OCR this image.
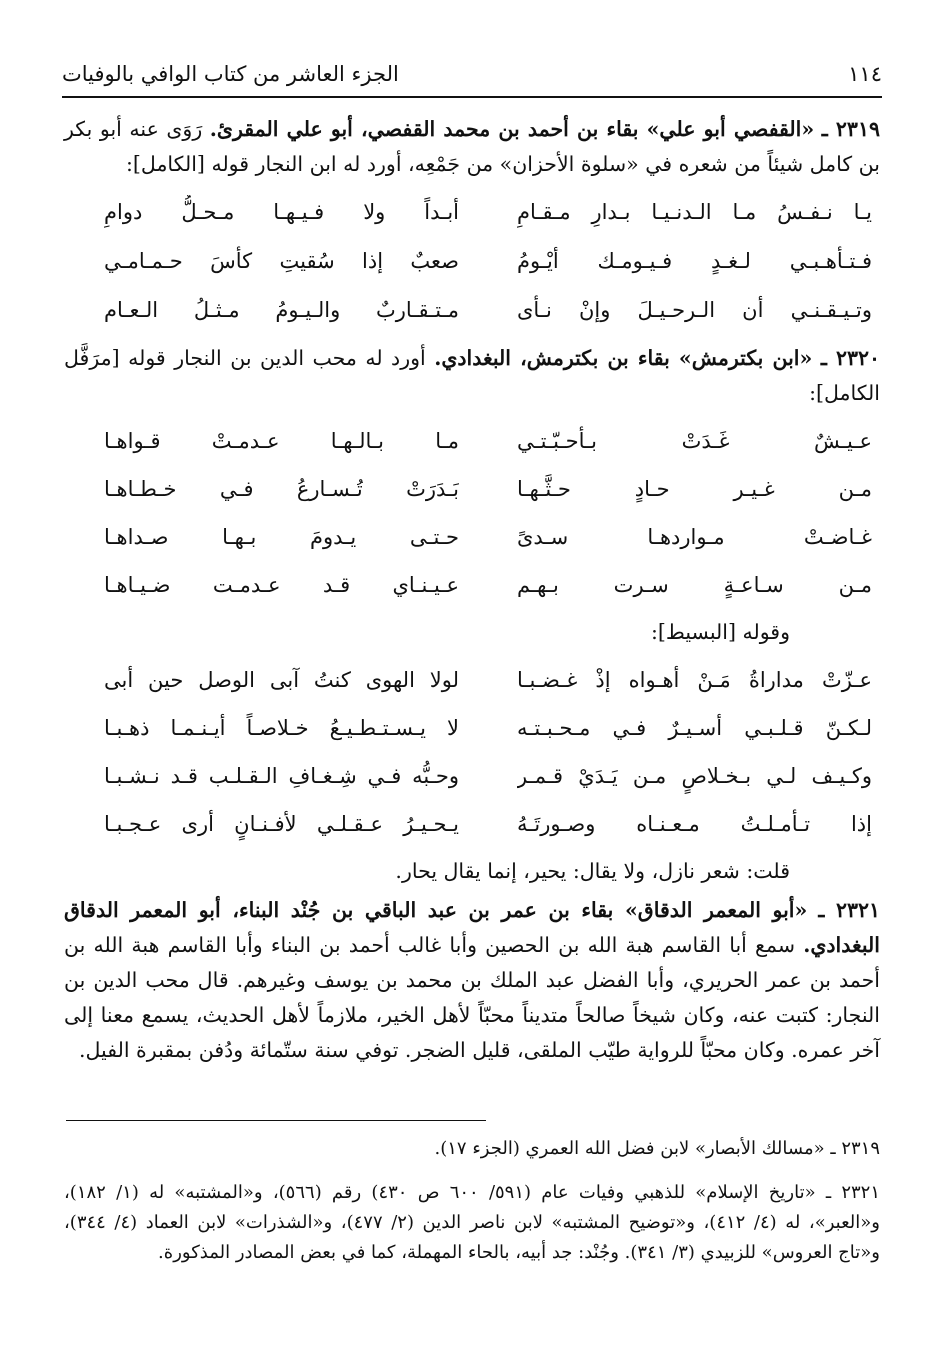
١١٤
الجزء العاشر من كتاب الوافي بالوفيات

٢٣١٩ ـ «القفصي أبو علي» بقاء بن أحمد بن محمد القفصي، أبو علي المقرئ. رَوَى عنه أبو بكر بن كامل شيئاً من شعره في «سلوة الأحزان» من جَمْعِه، أورد له ابن النجار قوله [الكامل]:

يـا نـفـسُ مـا الـدنـيـا بـدارِ مـقـامِ
أبـداً ولا فـيـهـا مـحـلُّ دوامِ
فـتـأهـبـي لـغـدٍ فـيـومـك أيْـومُ
صعبٌ إذا سُقيتِ كأسَ حـمـامـي
وتـيـقـنـي أن الـرحـيـلَ وإنْ نـأى
مـتـقـاربٌ والـيـومُ مـثـلُ الـعـام

٢٣٢٠ ـ «ابن بكترمش» بقاء بن بكترمش، البغدادي. أورد له محب الدين بن النجار قوله [مرَفَّل الكامل]:

عـيـشٌ غَـدَتْ بـأحـبّـتـي
مـا بـالـهـا عـدمـتْ قـواهـا
مـن غـيـر حـادٍ حـثَّـهـا
بَـدَرَتْ تُـسـارعُ فـي خـطـاهـا
غـاضـتْ مـواردهـا سـدىً
حـتـى يـدومَ بـهـا صـداهـا
مـن سـاعـةٍ سـرت بـهـم
عـيـنـاي قـد عـدمـت ضـيـاهـا

وقوله [البسيط]:

عـزّتْ مداراةُ مَـنْ أهـواه إذْ غـضـبـا
لولا الهوى كنتُ آبى الوصل حين أبى
لـكـنّ قـلـبـي أسـيـرٌ فـي مـحـبـتـه
لا يـسـتـطـيـعُ خـلاصـاً أيـنـمـا ذهـبـا
وكـيـف لـي بـخـلاصٍ مـن يَـدَيْ قـمـر
وحـبُّه فـي شِـغـافِ الـقـلـب قـد نـشـبـا
إذا تـأمـلـتُ مـعـنـاه وصـورتَـهُ
يـحـيـرُ عـقـلـي لأفـنـانٍ أرى عـجـبـا

قلت: شعر نازل، ولا يقال: يحير، إنما يقال يحار.

٢٣٢١ ـ «أبو المعمر الدقاق» بقاء بن عمر بن عبد الباقي بن جُنْد البناء، أبو المعمر الدقاق البغدادي. سمع أبا القاسم هبة الله بن الحصين وأبا غالب أحمد بن البناء وأبا القاسم هبة الله بن أحمد بن عمر الحريري، وأبا الفضل عبد الملك بن محمد بن يوسف وغيرهم. قال محب الدين بن النجار: كتبت عنه، وكان شيخاً صالحاً متديناً محبّاً لأهل الخير، ملازماً لأهل الحديث، يسمع معنا إلى آخر عمره. وكان محبّاً للرواية طيّب الملقى، قليل الضجر. توفي سنة ستّمائة ودُفن بمقبرة الفيل.

٢٣١٩ ـ «مسالك الأبصار» لابن فضل الله العمري (الجزء ١٧).

٢٣٢١ ـ «تاريخ الإسلام» للذهبي وفيات عام (٥٩١/ ٦٠٠ ص ٤٣٠) رقم (٥٦٦)، و«المشتبه» له (١/ ١٨٢)، و«العبر»، له (٤/ ٤١٢)، و«توضيح المشتبه» لابن ناصر الدين (٢/ ٤٧٧)، و«الشذرات» لابن العماد (٤/ ٣٤٤)، و«تاج العروس» للزبيدي (٣/ ٣٤١). وجُنْد: جد أبيه، بالحاء المهملة، كما في بعض المصادر المذكورة.
